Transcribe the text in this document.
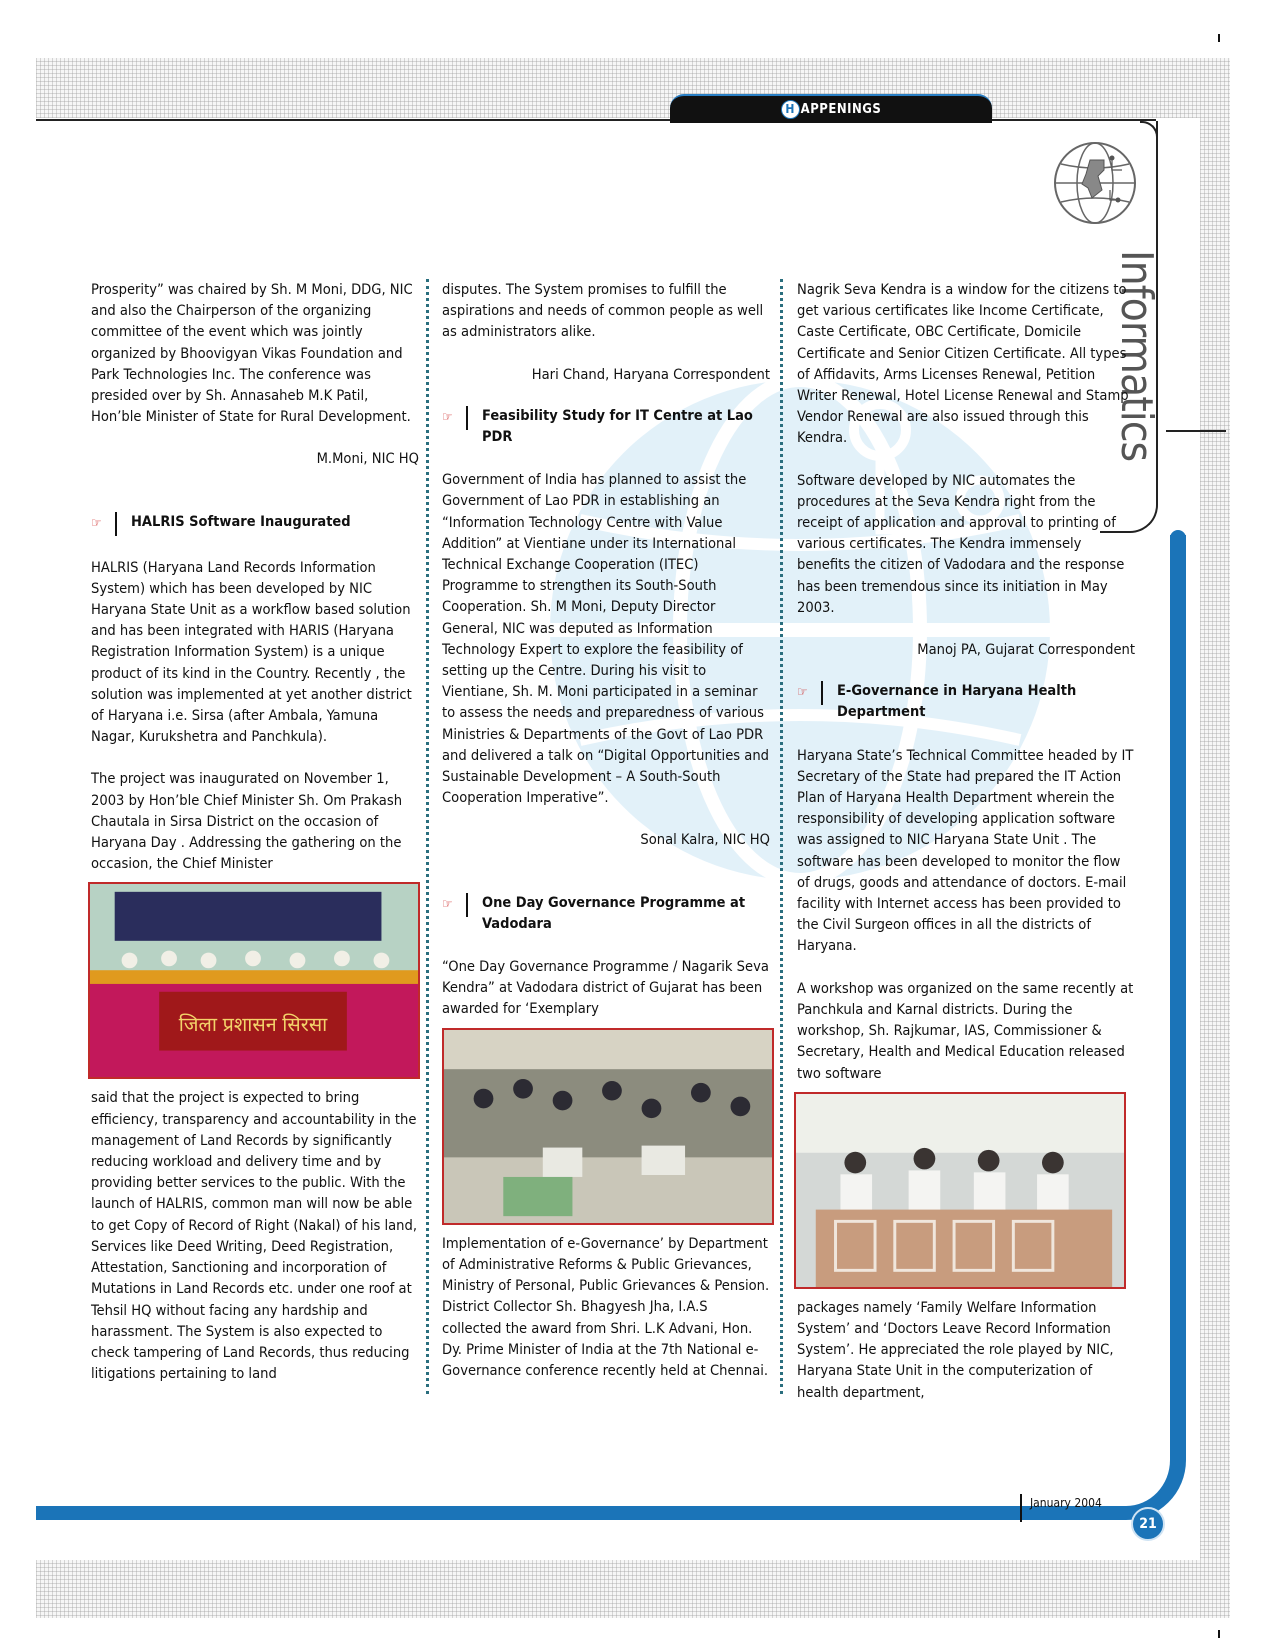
H APPENINGS
Informatics

Prosperity” was chaired by Sh. M Moni, DDG, NIC and also the Chairperson of the organizing committee of the event which was jointly organized by Bhoovigyan Vikas Foundation and Park Technologies Inc. The conference was presided over by Sh. Annasaheb M.K Patil, Hon’ble Minister of State for Rural Development.

M.Moni, NIC HQ

☞	HALRIS Software Inaugurated

HALRIS (Haryana Land Records Information System) which has been developed by NIC Haryana State Unit as a workflow based solution and has been integrated with HARIS (Haryana Registration Information System) is a unique product of its kind in the Country. Recently , the solution was implemented at yet another district of Haryana i.e. Sirsa (after Ambala, Yamuna Nagar, Kurukshetra and Panchkula).

The project was inaugurated on November 1, 2003 by Hon’ble Chief Minister Sh. Om Prakash Chautala in Sirsa District on the occasion of Haryana Day . Addressing the gathering on the occasion, the Chief Minister

जिला प्रशासन सिरसा

said that the project is expected to bring efficiency, transparency and accountability in the management of Land Records by significantly reducing workload and delivery time and by providing better services to the public. With the launch of HALRIS, common man will now be able to get Copy of Record of Right (Nakal) of his land, Services like Deed Writing, Deed Registration, Attestation, Sanctioning and incorporation of Mutations in Land Records etc. under one roof at Tehsil HQ without facing any hardship and harassment. The System is also expected to check tampering of Land Records, thus reducing litigations pertaining to land

disputes. The System promises to fulfill the aspirations and needs of common people as well as administrators alike.

Hari Chand, Haryana Correspondent

☞	Feasibility Study for IT Centre at Lao PDR

Government of India has planned to assist the Government of Lao PDR in establishing an “Information Technology Centre with Value Addition” at Vientiane under its International Technical Exchange Cooperation (ITEC) Programme to strengthen its South-South Cooperation. Sh. M Moni, Deputy Director General, NIC was deputed as Information Technology Expert to explore the feasibility of setting up the Centre. During his visit to Vientiane, Sh. M. Moni participated in a seminar to assess the needs and preparedness of various Ministries & Departments of the Govt of Lao PDR and delivered a talk on “Digital Opportunities and Sustainable Development – A South-South Cooperation Imperative”.

Sonal Kalra, NIC HQ

☞	One Day Governance Programme at Vadodara

“One Day Governance Programme / Nagarik Seva Kendra” at Vadodara district of Gujarat has been awarded for ‘Exemplary

Implementation of e-Governance’ by Department of Administrative Reforms & Public Grievances, Ministry of Personal, Public Grievances & Pension. District Collector Sh. Bhagyesh Jha, I.A.S collected the award from Shri. L.K Advani, Hon. Dy. Prime Minister of India at the 7th National e-Governance conference recently held at Chennai.

Nagrik Seva Kendra is a window for the citizens to get various certificates like Income Certificate, Caste Certificate, OBC Certificate, Domicile Certificate and Senior Citizen Certificate. All types of Affidavits, Arms Licenses Renewal, Petition Writer Renewal, Hotel License Renewal and Stamp Vendor Renewal are also issued through this Kendra.

Software developed by NIC automates the procedures at the Seva Kendra right from the receipt of application and approval to printing of various certificates. The Kendra immensely benefits the citizen of Vadodara and the response has been tremendous since its initiation in May 2003.

Manoj PA, Gujarat Correspondent

☞	E-Governance in Haryana Health Department

Haryana State’s Technical Committee headed by IT Secretary of the State had prepared the IT Action Plan of Haryana Health Department wherein the responsibility of developing application software was assigned to NIC Haryana State Unit . The software has been developed to monitor the flow of drugs, goods and attendance of doctors. E-mail facility with Internet access has been provided to the Civil Surgeon offices in all the districts of Haryana.

A workshop was organized on the same recently at Panchkula and Karnal districts. During the workshop, Sh. Rajkumar, IAS, Commissioner & Secretary, Health and Medical Education released two software

packages namely ‘Family Welfare Information System’ and ‘Doctors Leave Record Information System’. He appreciated the role played by NIC, Haryana State Unit in the computerization of health department,

January 2004
21
